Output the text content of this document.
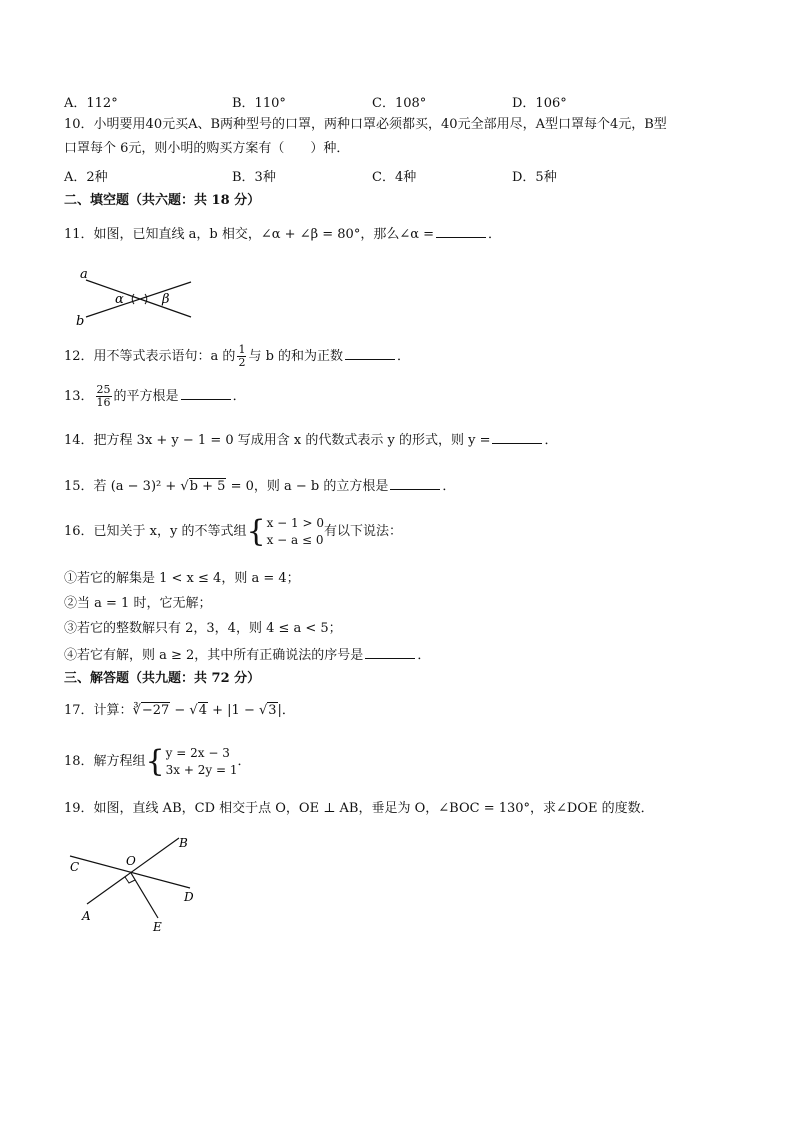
A．112°	B．110°	C．108°	D．106°
10．小明要用40元买A、B两种型号的口罩，两种口罩必须都买，40元全部用尽，A型口罩每个4元，B型
口罩每个 6元，则小明的购买方案有（　　）种．
A．2种	B．3种	C．4种	D．5种
二、填空题（共六题：共 18 分）
11．如图，已知直线 a，b 相交，∠α + ∠β = 80°，那么∠α =	．
a
b
α	β
12．用不等式表示语句：a 的 $\frac{1}{2}$ 与 b 的和为正数	．
13． $\frac{25}{16}$ 的平方根是	．
14．把方程 3x + y − 1 = 0 写成用含 x 的代数式表示 y 的形式，则 y =	．
15．若 (a − 3)² + √b + 5 = 0，则 a − b 的立方根是	．
16．已知关于 x，y 的不等式组 { x − 1 > 0
x − a ≤ 0
有以下说法：
①若它的解集是 1 < x ≤ 4，则 a = 4；
②当 a = 1 时，它无解；
③若它的整数解只有 2，3，4，则 4 ≤ a < 5；
④若它有解，则 a ≥ 2，其中所有正确说法的序号是	．
三、解答题（共九题：共 72 分）
17．计算：∛−27 − √4 + |1 − √3|．
18．解方程组 { y = 2x − 3
3x + 2y = 1
．
19．如图，直线 AB，CD 相交于点 O，OE ⊥ AB，垂足为 O，∠BOC = 130°，求∠DOE 的度数．
O
B
C
D
A
E
